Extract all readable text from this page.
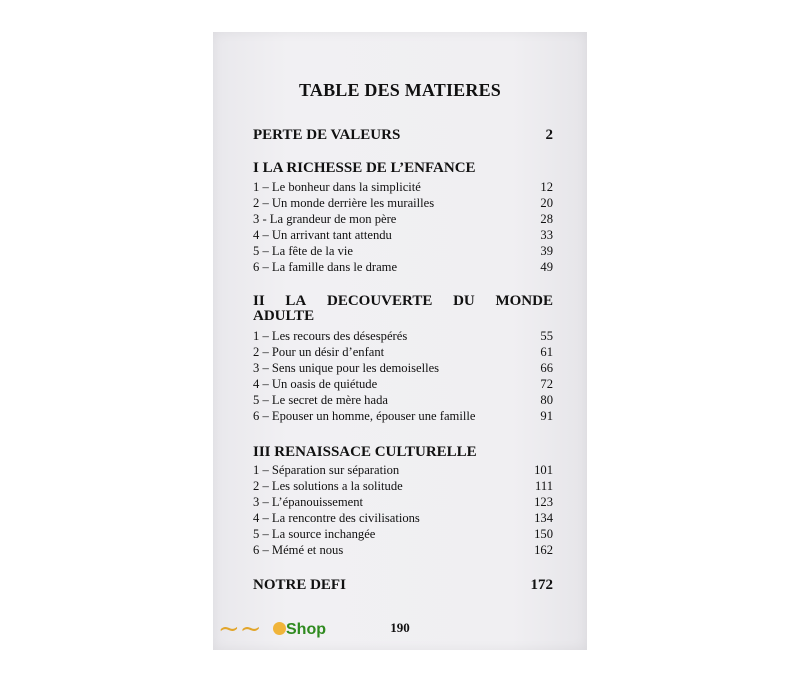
TABLE DES MATIERES
PERTE DE VALEURS	2
I LA RICHESSE DE L’ENFANCE
1 – Le bonheur dans la simplicité	12
2 – Un monde derrière les murailles	20
3 - La grandeur de mon père	28
4 – Un arrivant tant attendu	33
5 – La fête de la vie	39
6 – La famille dans le drame	49
II LA DECOUVERTE DU MONDE
ADULTE
1 – Les recours des désespérés	55
2 – Pour un désir d’enfant	61
3 – Sens unique pour les demoiselles	66
4 – Un oasis de quiétude	72
5 – Le secret de mère hada	80
6 – Epouser un homme, épouser une famille	91
III RENAISSACE CULTURELLE
1 – Séparation sur séparation	101
2 – Les solutions a la solitude	111
3 – L’épanouissement	123
4 – La rencontre des civilisations	134
5 – La source inchangée	150
6 – Mémé et nous	162
NOTRE DEFI	172
~~ Shop	190
